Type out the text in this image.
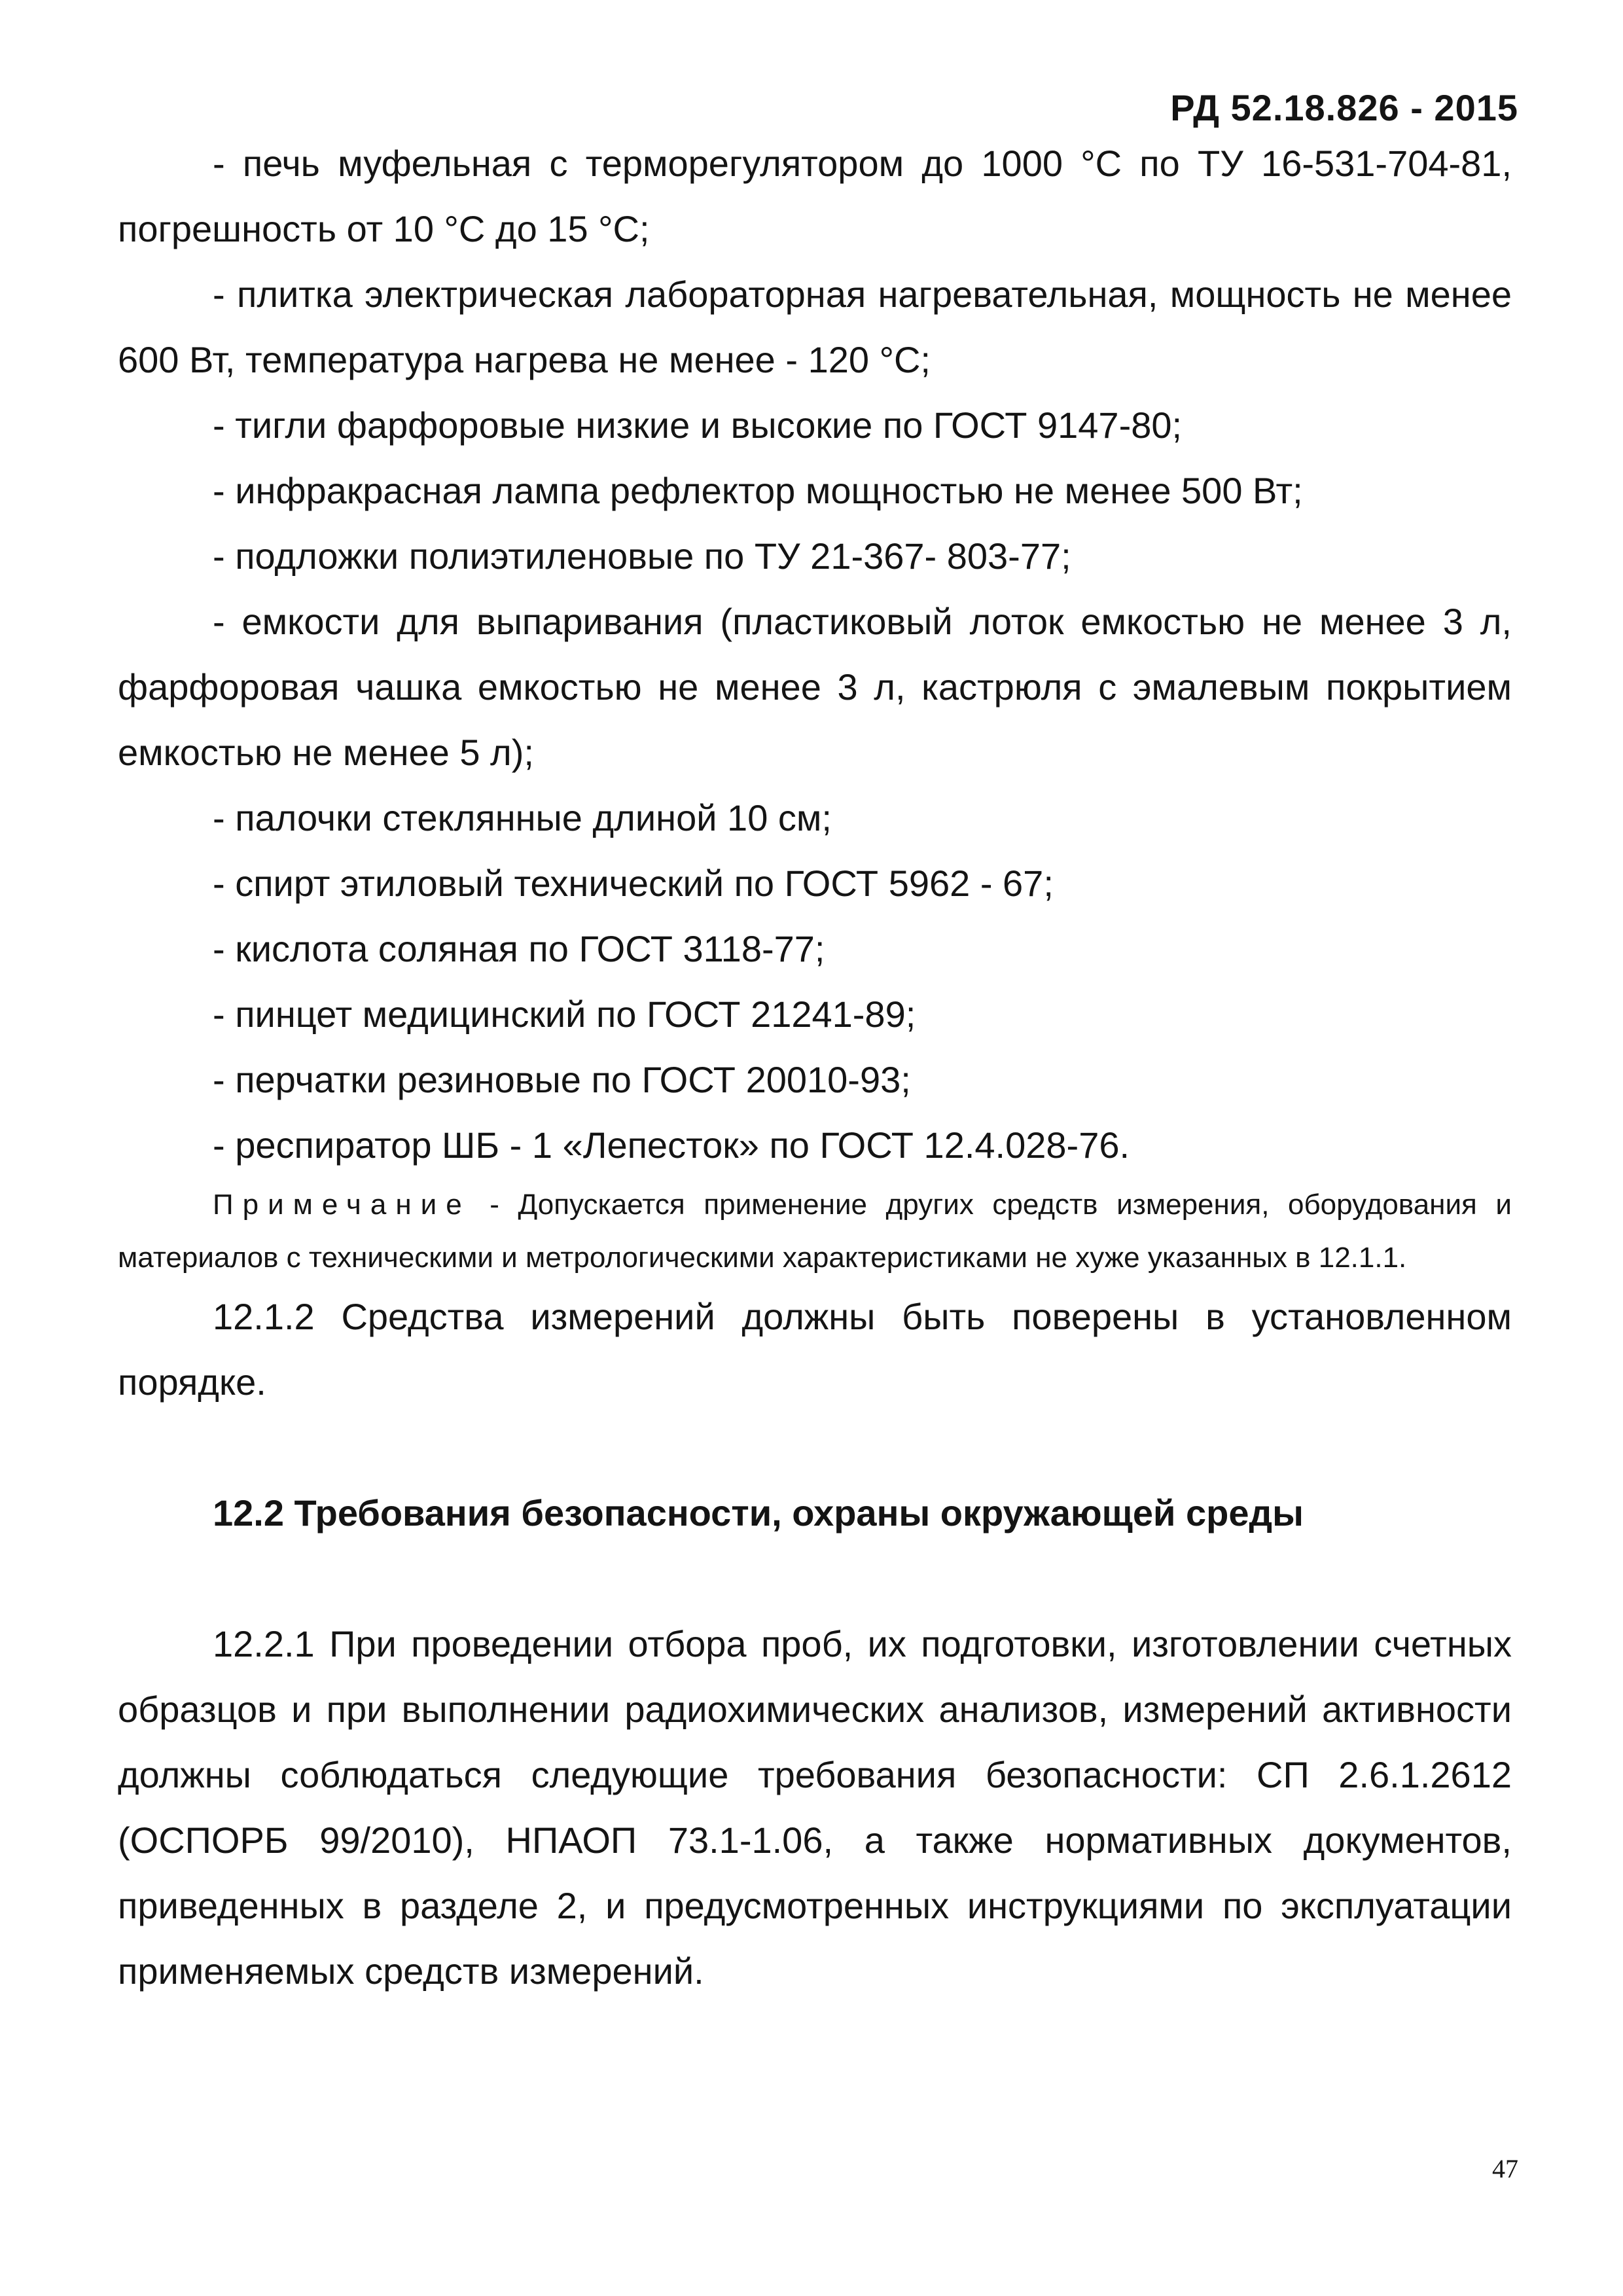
РД 52.18.826 - 2015

- печь муфельная с терморегулятором до 1000 °С по ТУ 16-531-704-81, погрешность от 10 °С до 15 °С;

- плитка электрическая лабораторная нагревательная, мощность не менее 600 Вт, температура нагрева не менее - 120 °С;

- тигли фарфоровые низкие и высокие по ГОСТ 9147-80;

- инфракрасная лампа рефлектор мощностью не менее 500 Вт;

- подложки полиэтиленовые по ТУ 21-367- 803-77;

- емкости для выпаривания (пластиковый лоток емкостью не менее 3 л, фарфоровая чашка емкостью не менее 3 л, кастрюля с эмалевым покрытием емкостью не менее 5 л);

- палочки стеклянные длиной 10 см;

- спирт этиловый технический по ГОСТ 5962 - 67;

- кислота соляная по ГОСТ 3118-77;

- пинцет медицинский по ГОСТ 21241-89;

- перчатки резиновые по ГОСТ 20010-93;

- респиратор ШБ - 1 «Лепесток» по ГОСТ 12.4.028-76.

Примечание - Допускается применение других средств измерения, оборудования и материалов с техническими и метрологическими характеристиками не хуже указанных в 12.1.1.

12.1.2 Средства измерений должны быть поверены в установленном порядке.

12.2 Требования безопасности, охраны окружающей среды

12.2.1 При проведении отбора проб, их подготовки, изготовлении счетных образцов и при выполнении радиохимических анализов, измерений активности должны соблюдаться следующие требования безопасности: СП 2.6.1.2612 (ОСПОРБ 99/2010), НПАОП 73.1-1.06, а также нормативных документов, приведенных в разделе 2, и предусмотренных инструкциями по эксплуатации применяемых средств измерений.

47
